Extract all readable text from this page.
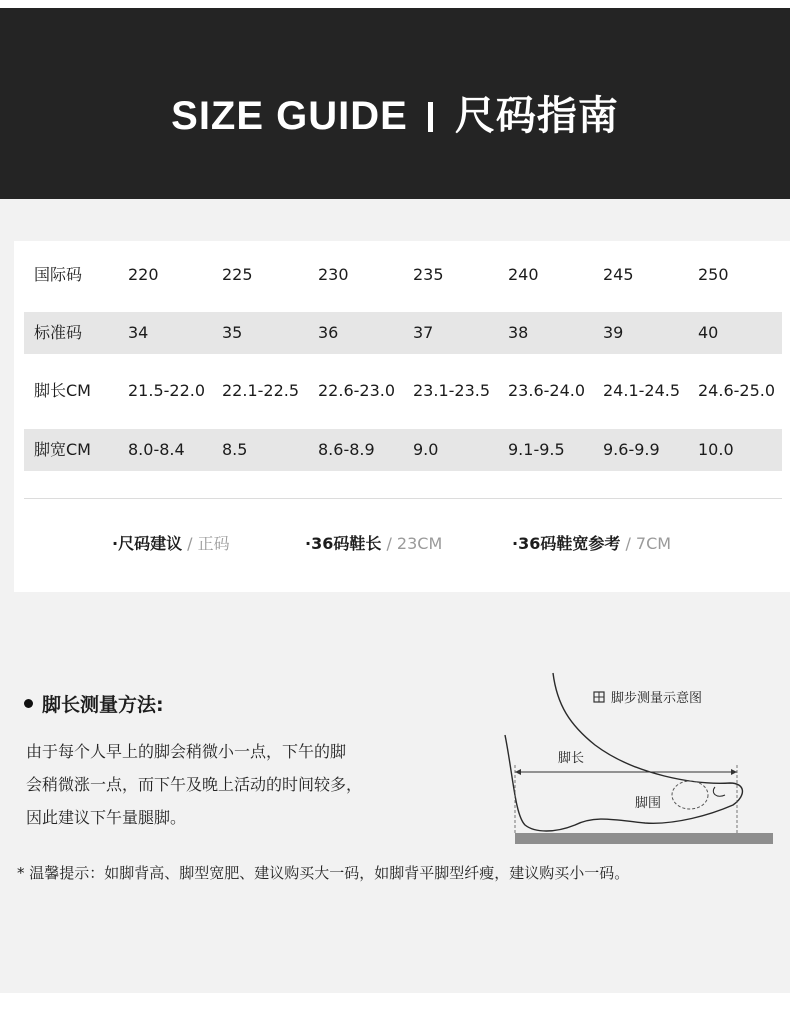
SIZE GUIDE 尺码指南
国际码	220	225	230	235	240	245	250
标准码	34	35	36	37	38	39	40
脚长CM 21.5-22.0 22.1-22.5 22.6-23.0 23.1-23.5 23.6-24.0 24.1-24.5 24.6-25.0
脚宽CM 8.0-8.4 8.5	8.6-8.9 9.0	9.1-9.5 9.6-9.9 10.0
·尺码建议 / 正码	·36码鞋长 / 23CM	·36码鞋宽参考 / 7CM
脚长测量方法:
由于每个人早上的脚会稍微小一点，下午的脚
会稍微涨一点，而下午及晚上活动的时间较多，
因此建议下午量腿脚。
脚步测量示意图
脚长
脚围
* 温馨提示：如脚背高、脚型宽肥、建议购买大一码，如脚背平脚型纤瘦，建议购买小一码。
